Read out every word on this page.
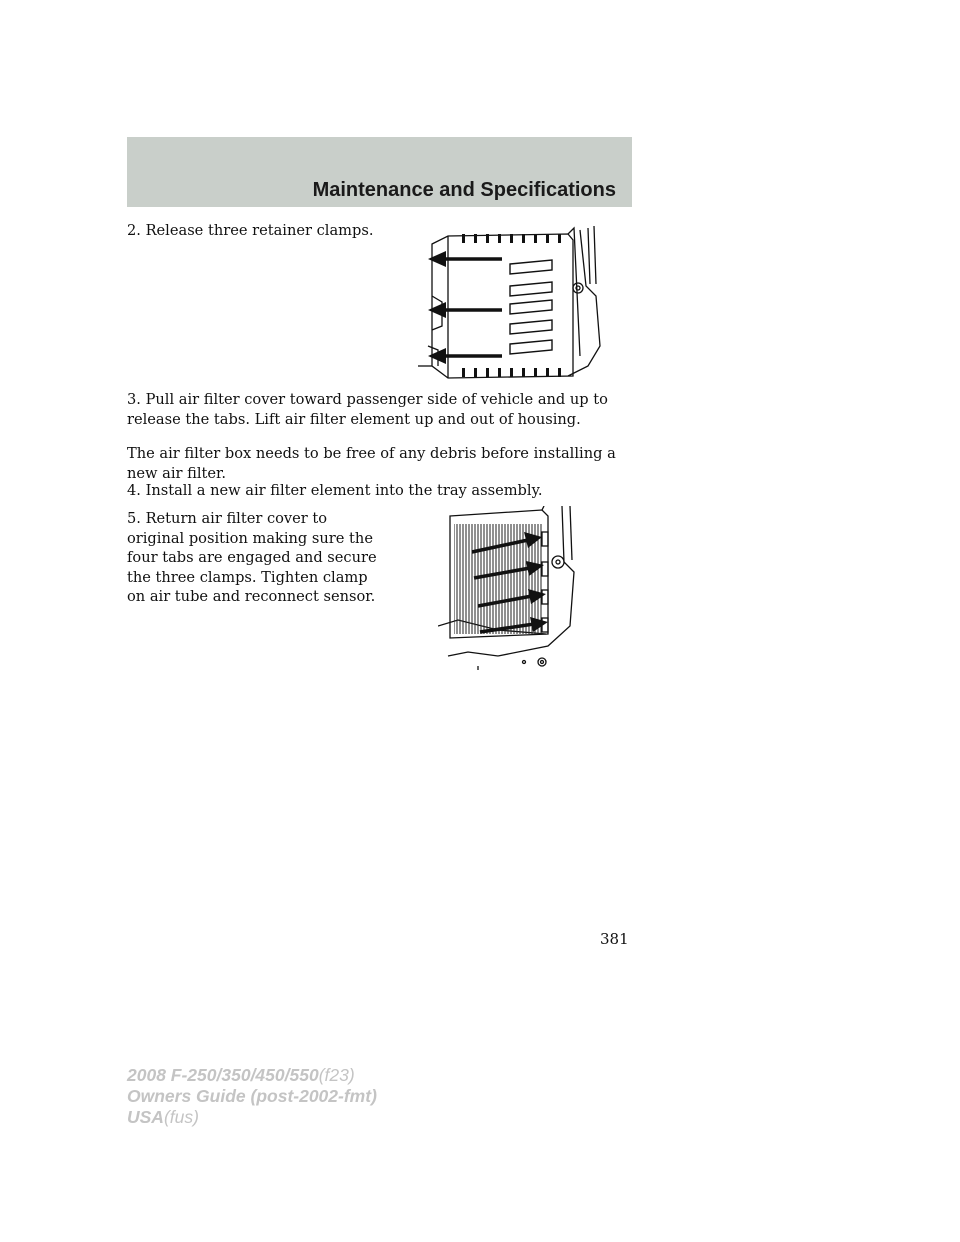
Maintenance and Specifications

2. Release three retainer clamps.

3. Pull air filter cover toward passenger side of vehicle and up to release the tabs. Lift air filter element up and out of housing.

The air filter box needs to be free of any debris before installing a new air filter.

4. Install a new air filter element into the tray assembly.

5. Return air filter cover to original position making sure the four tabs are engaged and secure the three clamps. Tighten clamp on air tube and reconnect sensor.

381
2008 F-250/350/450/550(f23)
Owners Guide (post-2002-fmt)
USA(fus)
